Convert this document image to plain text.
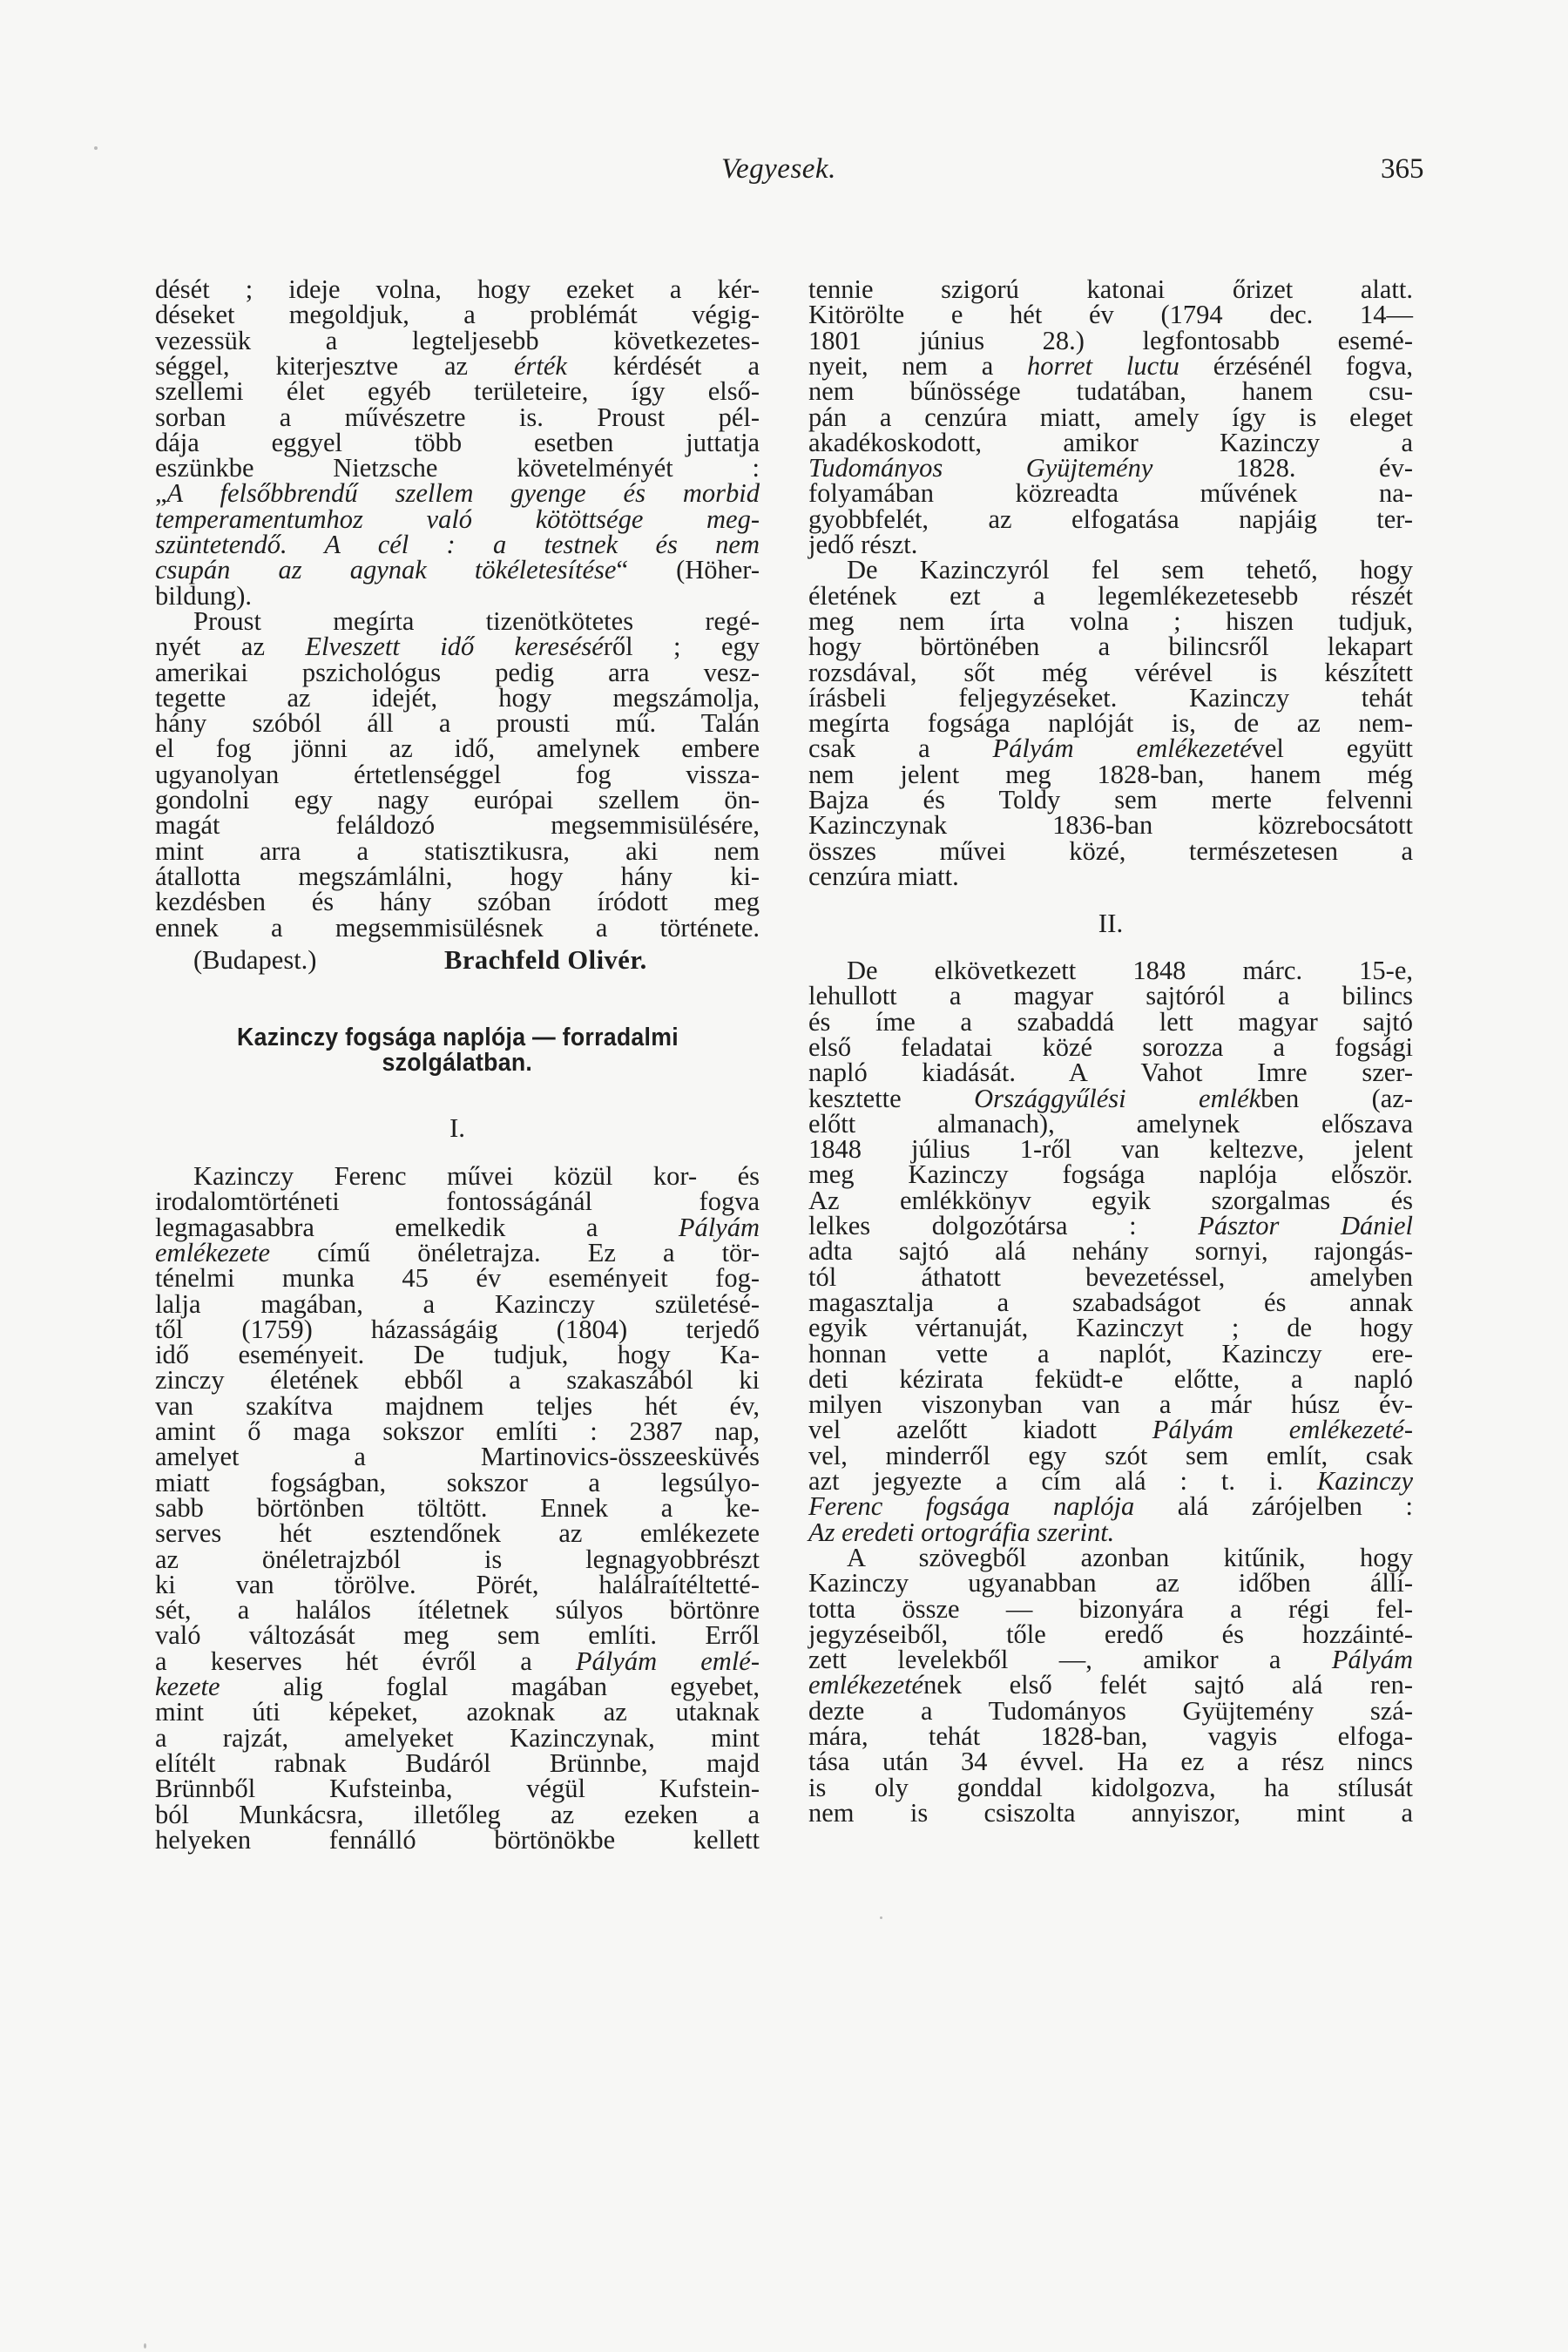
Vegyesek.	365
dését ; ideje volna, hogy ezeket a kér-
déseket megoldjuk, a problémát végig-
vezessük a legteljesebb következetes-
séggel, kiterjesztve az érték kérdését a
szellemi élet egyéb területeire, így első-
sorban a művészetre is. Proust pél-
dája eggyel több esetben juttatja
eszünkbe Nietzsche követelményét :
„A felsőbbrendű szellem gyenge és morbid
temperamentumhoz való kötöttsége meg-
szüntetendő. A cél : a testnek és nem
csupán az agynak tökéletesítése“ (Höher-
bildung).
Proust megírta tizenötkötetes regé-
nyét az Elveszett idő kereséséről ; egy
amerikai pszichológus pedig arra vesz-
tegette az idejét, hogy megszámolja,
hány szóból áll a prousti mű. Talán
el fog jönni az idő, amelynek embere
ugyanolyan értetlenséggel fog vissza-
gondolni egy nagy európai szellem ön-
magát feláldozó megsemmisülésére,
mint arra a statisztikusra, aki nem
átallotta megszámlálni, hogy hány ki-
kezdésben és hány szóban íródott meg
ennek a megsemmisülésnek a története.
(Budapest.)	Brachfeld Olivér.
Kazinczy fogsága naplója — forradalmi
szolgálatban.
I.
Kazinczy Ferenc művei közül kor- és
irodalomtörténeti fontosságánál fogva
legmagasabbra emelkedik a Pályám
emlékezete című önéletrajza. Ez a tör-
ténelmi munka 45 év eseményeit fog-
lalja magában, a Kazinczy születésé-
től (1759) házasságáig (1804) terjedő
idő eseményeit. De tudjuk, hogy Ka-
zinczy életének ebből a szakaszából ki
van szakítva majdnem teljes hét év,
amint ő maga sokszor említi : 2387 nap,
amelyet a Martinovics-összeesküvés
miatt fogságban, sokszor a legsúlyo-
sabb börtönben töltött. Ennek a ke-
serves hét esztendőnek az emlékezete
az önéletrajzból is legnagyobbrészt
ki van törölve. Pörét, halálraítéltetté-
sét, a halálos ítéletnek súlyos börtönre
való változását meg sem említi. Erről
a keserves hét évről a Pályám emlé-
kezete alig foglal magában egyebet,
mint úti képeket, azoknak az utaknak
a rajzát, amelyeket Kazinczynak, mint
elítélt rabnak Budáról Brünnbe, majd
Brünnből Kufsteinba, végül Kufstein-
ból Munkácsra, illetőleg az ezeken a
helyeken fennálló börtönökbe kellett
tennie szigorú katonai őrizet alatt.
Kitörölte e hét év (1794 dec. 14—
1801 június 28.) legfontosabb esemé-
nyeit, nem a horret luctu érzésénél fogva,
nem bűnössége tudatában, hanem csu-
pán a cenzúra miatt, amely így is eleget
akadékoskodott, amikor Kazinczy a
Tudományos Gyüjtemény 1828. év-
folyamában közreadta művének na-
gyobbfelét, az elfogatása napjáig ter-
jedő részt.
De Kazinczyról fel sem tehető, hogy
életének ezt a legemlékezetesebb részét
meg nem írta volna ; hiszen tudjuk,
hogy börtönében a bilincsről lekapart
rozsdával, sőt még vérével is készített
írásbeli feljegyzéseket. Kazinczy tehát
megírta fogsága naplóját is, de az nem-
csak a Pályám emlékezetével együtt
nem jelent meg 1828-ban, hanem még
Bajza és Toldy sem merte felvenni
Kazinczynak 1836-ban közrebocsátott
összes művei közé, természetesen a
cenzúra miatt.
II.
De elkövetkezett 1848 márc. 15-e,
lehullott a magyar sajtóról a bilincs
és íme a szabaddá lett magyar sajtó
első feladatai közé sorozza a fogsági
napló kiadását. A Vahot Imre szer-
kesztette Országgyűlési emlékben (az-
előtt almanach), amelynek előszava
1848 július 1-ről van keltezve, jelent
meg Kazinczy fogsága naplója először.
Az emlékkönyv egyik szorgalmas és
lelkes dolgozótársa : Pásztor Dániel
adta sajtó alá nehány sornyi, rajongás-
tól áthatott bevezetéssel, amelyben
magasztalja a szabadságot és annak
egyik vértanuját, Kazinczyt ; de hogy
honnan vette a naplót, Kazinczy ere-
deti kézirata feküdt-e előtte, a napló
milyen viszonyban van a már húsz év-
vel azelőtt kiadott Pályám emlékezeté-
vel, minderről egy szót sem említ, csak
azt jegyezte a cím alá : t. i. Kazinczy
Ferenc fogsága naplója alá zárójelben :
Az eredeti ortográfia szerint.
A szövegből azonban kitűnik, hogy
Kazinczy ugyanabban az időben állí-
totta össze — bizonyára a régi fel-
jegyzéseiből, tőle eredő és hozzáinté-
zett levelekből —, amikor a Pályám
emlékezetének első felét sajtó alá ren-
dezte a Tudományos Gyüjtemény szá-
mára, tehát 1828-ban, vagyis elfoga-
tása után 34 évvel. Ha ez a rész nincs
is oly gonddal kidolgozva, ha stílusát
nem is csiszolta annyiszor, mint a
